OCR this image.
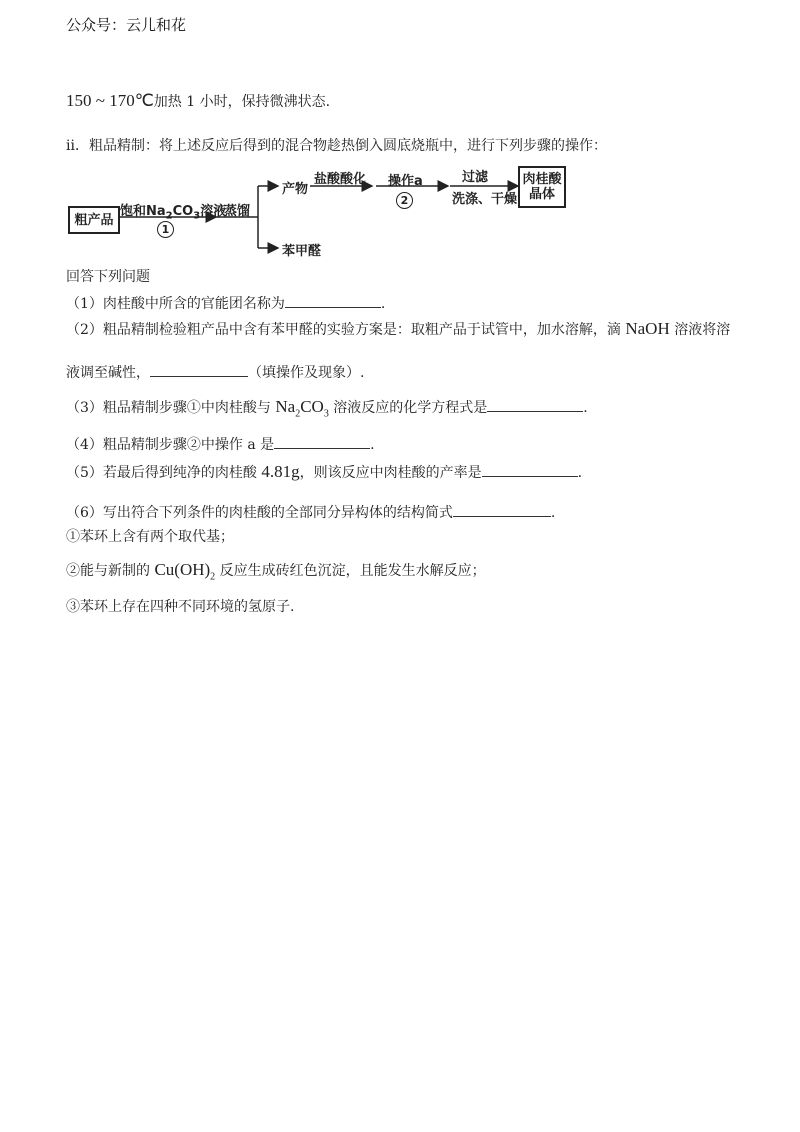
公众号：云儿和花
150 ~ 170℃加热 1 小时，保持微沸状态.
ⅱ．粗品精制：将上述反应后得到的混合物趁热倒入圆底烧瓶中，进行下列步骤的操作：
粗产品
饱和$Na_2CO_3$溶液
1
蒸馏
产物
苯甲醛
盐酸酸化 操作a
2
过滤
洗涤、干燥
肉桂酸
晶体
回答下列问题
（1）肉桂酸中所含的官能团名称为	.
（2）粗品精制检验粗产品中含有苯甲醛的实验方案是：取粗产品于试管中，加水溶解，滴 NaOH 溶液将溶
液调至碱性，	（填操作及现象）.
（3）粗品精制步骤①中肉桂酸与 $Na_2CO_3$ 溶液反应的化学方程式是	.
（4）粗品精制步骤②中操作 a 是	.
（5）若最后得到纯净的肉桂酸 4.81g，则该反应中肉桂酸的产率是	.
（6）写出符合下列条件的肉桂酸的全部同分异构体的结构简式	.
①苯环上含有两个取代基；
②能与新制的 $Cu(OH)_2$ 反应生成砖红色沉淀，且能发生水解反应；
③苯环上存在四种不同环境的氢原子.
